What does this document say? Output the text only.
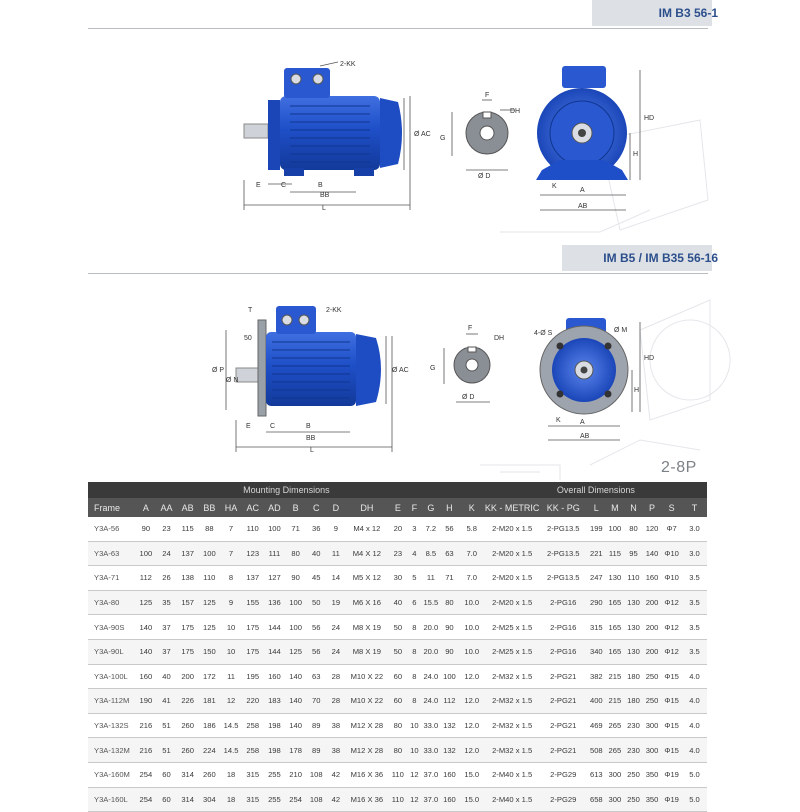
IM B3 56-1
IM B5 / IM B35 56-16
2-KK
Ø AC
E	C	B
BB
L
F
DH
G
Ø D
HD
H
K
A
AB
T	2-KK
50
Ø P
Ø N
Ø AC
E	B
C
BB
L
F
DH
G
Ø D
4-Ø S	Ø M
HD
H
K	A
AB
2-8P
Mounting Dimensions																	Overall Dimensions							
Frame	A	AA	AB	BB	HA	AC	AD	B	C	D	DH	E	F	G	H	K	KK - METRIC	KK - PG	L	M	N	P	S	T
Y3A-56	90	23	115	88	7	110	100	71	36	9	M4 x 12	20	3	7.2	56	5.8	2-M20 x 1.5	2-PG13.5	199	100	80	120	Φ7	3.0
Y3A-63	100	24	137	100	7	123	111	80	40	11	M4 X 12	23	4	8.5	63	7.0	2-M20 x 1.5	2-PG13.5	221	115	95	140	Φ10	3.0
Y3A-71	112	26	138	110	8	137	127	90	45	14	M5 X 12	30	5	11	71	7.0	2-M20 x 1.5	2-PG13.5	247	130	110	160	Φ10	3.5
Y3A-80	125	35	157	125	9	155	136	100	50	19	M6 X 16	40	6	15.5	80	10.0	2-M20 x 1.5	2-PG16	290	165	130	200	Φ12	3.5
Y3A-90S	140	37	175	125	10	175	144	100	56	24	M8 X 19	50	8	20.0	90	10.0	2-M25 x 1.5	2-PG16	315	165	130	200	Φ12	3.5
Y3A-90L	140	37	175	150	10	175	144	125	56	24	M8 X 19	50	8	20.0	90	10.0	2-M25 x 1.5	2-PG16	340	165	130	200	Φ12	3.5
Y3A-100L	160	40	200	172	11	195	160	140	63	28	M10 X 22	60	8	24.0	100	12.0	2-M32 x 1.5	2-PG21	382	215	180	250	Φ15	4.0
Y3A-112M	190	41	226	181	12	220	183	140	70	28	M10 X 22	60	8	24.0	112	12.0	2-M32 x 1.5	2-PG21	400	215	180	250	Φ15	4.0
Y3A-132S	216	51	260	186	14.5	258	198	140	89	38	M12 X 28	80	10	33.0	132	12.0	2-M32 x 1.5	2-PG21	469	265	230	300	Φ15	4.0
Y3A-132M	216	51	260	224	14.5	258	198	178	89	38	M12 X 28	80	10	33.0	132	12.0	2-M32 x 1.5	2-PG21	508	265	230	300	Φ15	4.0
Y3A-160M	254	60	314	260	18	315	255	210	108	42	M16 X 36	110	12	37.0	160	15.0	2-M40 x 1.5	2-PG29	613	300	250	350	Φ19	5.0
Y3A-160L	254	60	314	304	18	315	255	254	108	42	M16 X 36	110	12	37.0	160	15.0	2-M40 x 1.5	2-PG29	658	300	250	350	Φ19	5.0
